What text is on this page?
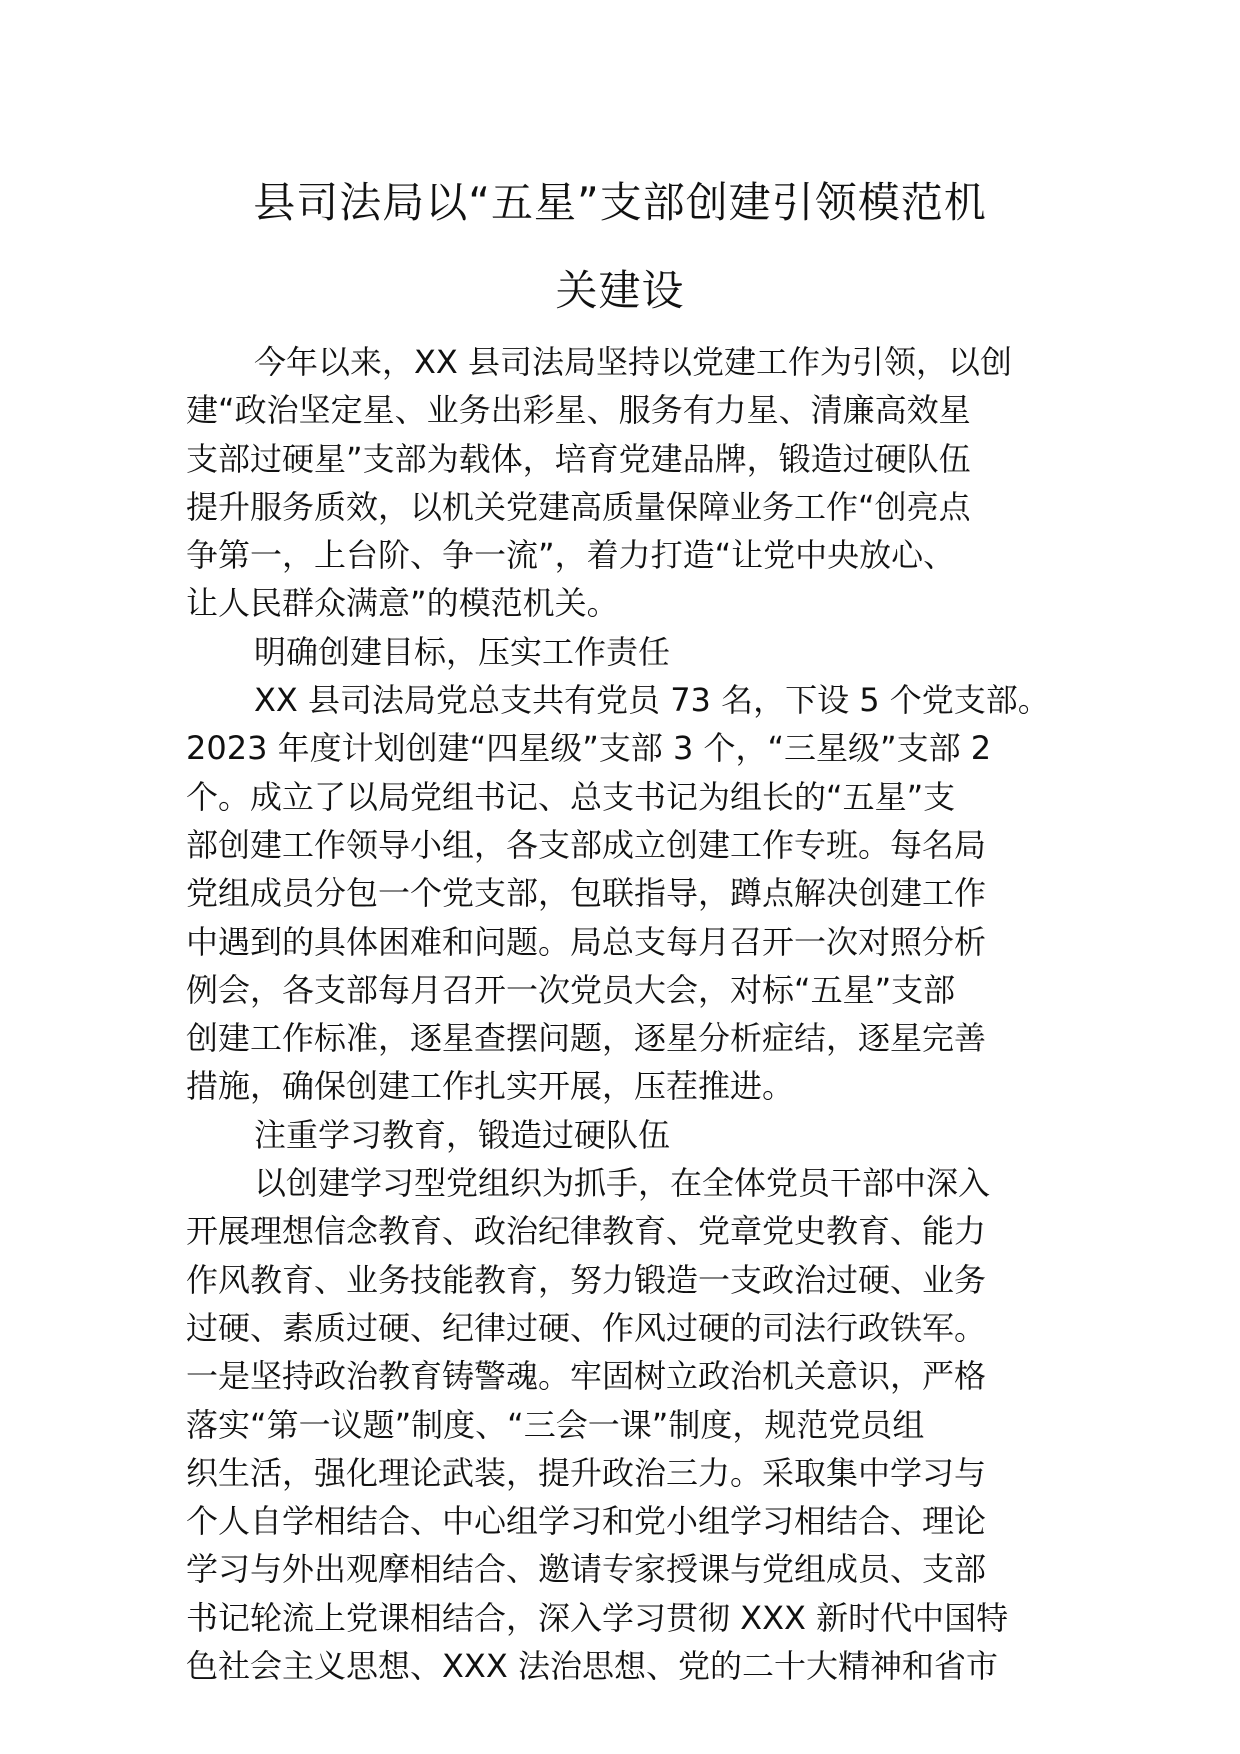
县司法局以“五星”支部创建引领模范机
关建设

今年以来，XX 县司法局坚持以党建工作为引领，以创

建“政治坚定星、业务出彩星、服务有力星、清廉高效星

支部过硬星”支部为载体，培育党建品牌，锻造过硬队伍

提升服务质效，以机关党建高质量保障业务工作“创亮点

争第一，上台阶、争一流”，着力打造“让党中央放心、

让人民群众满意”的模范机关。

明确创建目标，压实工作责任

XX 县司法局党总支共有党员 73 名，下设 5 个党支部。

2023 年度计划创建“四星级”支部 3 个，“三星级”支部 2

个。成立了以局党组书记、总支书记为组长的“五星”支

部创建工作领导小组，各支部成立创建工作专班。每名局

党组成员分包一个党支部，包联指导，蹲点解决创建工作

中遇到的具体困难和问题。局总支每月召开一次对照分析

例会，各支部每月召开一次党员大会，对标“五星”支部

创建工作标准，逐星查摆问题，逐星分析症结，逐星完善

措施，确保创建工作扎实开展，压茬推进。

注重学习教育，锻造过硬队伍

以创建学习型党组织为抓手，在全体党员干部中深入

开展理想信念教育、政治纪律教育、党章党史教育、能力

作风教育、业务技能教育，努力锻造一支政治过硬、业务

过硬、素质过硬、纪律过硬、作风过硬的司法行政铁军。

一是坚持政治教育铸警魂。牢固树立政治机关意识，严格

落实“第一议题”制度、“三会一课”制度，规范党员组

织生活，强化理论武装，提升政治三力。采取集中学习与

个人自学相结合、中心组学习和党小组学习相结合、理论

学习与外出观摩相结合、邀请专家授课与党组成员、支部

书记轮流上党课相结合，深入学习贯彻 XXX 新时代中国特

色社会主义思想、XXX 法治思想、党的二十大精神和省市
